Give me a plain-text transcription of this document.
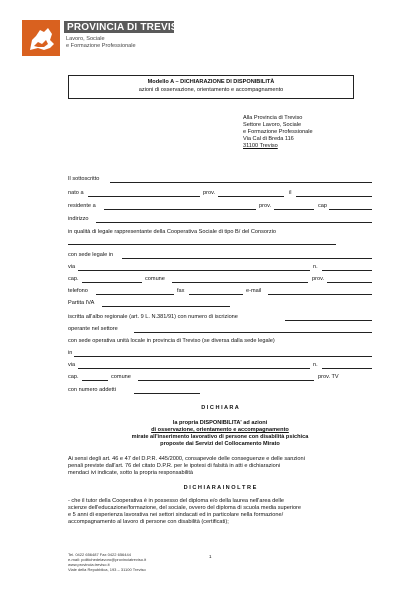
PROVINCIA DI TREVISO
Lavoro, Sociale
e Formazione Professionale
Modello A – DICHIARAZIONE DI DISPONIBILITÀ
azioni di osservazione, orientamento e accompagnamento
Alla Provincia di Treviso
Settore Lavoro, Sociale
e Formazione Professionale
Via Cal di Breda 116
31100 Treviso
Il sottoscritto
nato a	prov.	il
residente a	prov.	cap
indirizzo
in qualità di legale rappresentante della Cooperativa Sociale di tipo B/ del Consorzio
con sede legale in
via	n.
cap.	comune	prov.
telefono	fax	e-mail
Partita IVA
iscritta all'albo regionale (art. 9 L. N.381/91) con numero di iscrizione
operante nel settore
con sede operativa unità locale in provincia di Treviso (se diversa dalla sede legale)
in
via	n.
cap.	comune	prov. TV
con numero addetti
D I C H I A R A
la propria DISPONIBILITA' ad azioni
di osservazione, orientamento e accompagnamento
mirate all'inserimento lavorativo di persone con disabilità psichica
proposte dai Servizi del Collocamento Mirato
Ai sensi degli art. 46 e 47 del D.P.R. 445/2000, consapevole delle conseguenze e delle sanzioni
penali previste dall'art. 76 del citato D.P.R. per le ipotesi di falsità in atti e dichiarazioni
mendaci ivi indicate, sotto la propria responsabilità
D I C H I A R A I N O L T R E
- che il tutor della Cooperativa è in possesso del diploma e/o della laurea nell'area delle
scienze dell'educazione/formazione, del sociale, ovvero del diploma di scuola media superiore
e 5 anni di esperienza lavorativa nei settori sindacati ed in particolare nella formazione/
accompagnamento al lavoro di persone con disabilità (certificati);
Tel. 0422 656487 Fax 0422 656444
e-mail: politichedelavoro@provinciatreviso.it
www.provincia.treviso.it
Viale della Repubblica, 193 – 31100 Treviso
1
